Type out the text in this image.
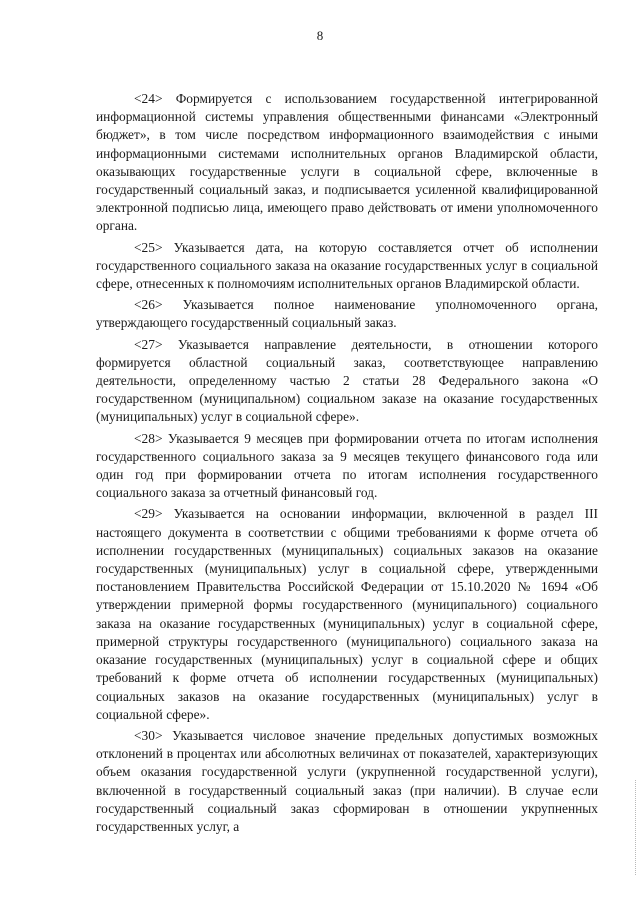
8

<24> Формируется с использованием государственной интегрированной информационной системы управления общественными финансами «Электронный бюджет», в том числе посредством информационного взаимодействия с иными информационными системами исполнительных органов Владимирской области, оказывающих государственные услуги в социальной сфере, включенные в государственный социальный заказ, и подписывается усиленной квалифицированной электронной подписью лица, имеющего право действовать от имени уполномоченного органа.

<25> Указывается дата, на которую составляется отчет об исполнении государственного социального заказа на оказание государственных услуг в социальной сфере, отнесенных к полномочиям исполнительных органов Владимирской области.

<26> Указывается полное наименование уполномоченного органа, утверждающего государственный социальный заказ.

<27> Указывается направление деятельности, в отношении которого формируется областной социальный заказ, соответствующее направлению деятельности, определенному частью 2 статьи 28 Федерального закона «О государственном (муниципальном) социальном заказе на оказание государственных (муниципальных) услуг в социальной сфере».

<28> Указывается 9 месяцев при формировании отчета по итогам исполнения государственного социального заказа за 9 месяцев текущего финансового года или один год при формировании отчета по итогам исполнения государственного социального заказа за отчетный финансовый год.

<29> Указывается на основании информации, включенной в раздел III настоящего документа в соответствии с общими требованиями к форме отчета об исполнении государственных (муниципальных) социальных заказов на оказание государственных (муниципальных) услуг в социальной сфере, утвержденными постановлением Правительства Российской Федерации от 15.10.2020 № 1694 «Об утверждении примерной формы государственного (муниципального) социального заказа на оказание государственных (муниципальных) услуг в социальной сфере, примерной структуры государственного (муниципального) социального заказа на оказание государственных (муниципальных) услуг в социальной сфере и общих требований к форме отчета об исполнении государственных (муниципальных) социальных заказов на оказание государственных (муниципальных) услуг в социальной сфере».

<30> Указывается числовое значение предельных допустимых возможных отклонений в процентах или абсолютных величинах от показателей, характеризующих объем оказания государственной услуги (укрупненной государственной услуги), включенной в государственный социальный заказ (при наличии). В случае если государственный социальный заказ сформирован в отношении укрупненных государственных услуг, а
